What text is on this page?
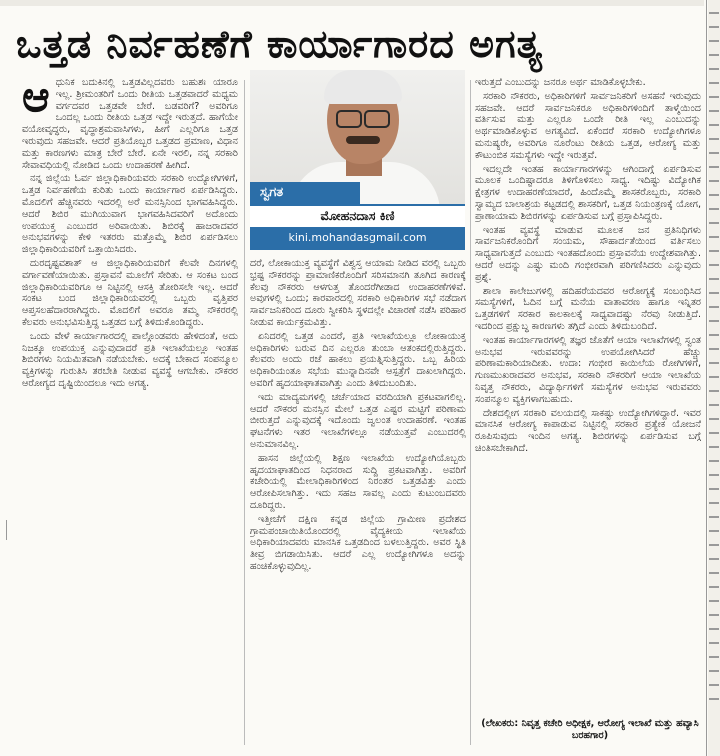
ಒತ್ತಡ ನಿರ್ವಹಣೆಗೆ ಕಾರ್ಯಾಗಾರದ ಅಗತ್ಯ
ಆ ಧುನಿಕ ಬದುಕಿನಲ್ಲಿ ಒತ್ತಡವಿಲ್ಲದವರು ಬಹುಶಃ ಯಾರೂ ಇಲ್ಲ. ಶ್ರೀಮಂತರಿಗೆ ಒಂದು ರೀತಿಯ ಒತ್ತಡವಾದರೆ ಮಧ್ಯಮ ವರ್ಗದವರ ಒತ್ತಡವೇ ಬೇರೆ. ಬಡವರಿಗೆ? ಅವರಿಗೂ ಒಂದಲ್ಲ ಒಂದು ರೀತಿಯ ಒತ್ತಡ ಇದ್ದೇ ಇರುತ್ತದೆ. ಹಾಗೆಯೇ ವಯೋವೃದ್ಧರು, ವೃದ್ಧಾಶ್ರಮವಾಸಿಗಳು, ಹೀಗೆ ಎಲ್ಲರಿಗೂ ಒತ್ತಡ ಇರುವುದು ಸಹಜವೇ. ಆದರೆ ಪ್ರತಿಯೊಬ್ಬರ ಒತ್ತಡದ ಪ್ರಮಾಣ, ವಿಧಾನ ಮತ್ತು ಕಾರಣಗಳು ಮಾತ್ರ ಬೇರೆ ಬೇರೆ. ಏನೇ ಇರಲಿ, ನನ್ನ ಸರಕಾರಿ ಸೇವಾವಧಿಯಲ್ಲಿ ನೋಡಿದ ಒಂದು ಉದಾಹರಣೆ ಹೀಗಿದೆ.

ನನ್ನ ಜಿಲ್ಲೆಯ ಓರ್ವ ಜಿಲ್ಲಾಧಿಕಾರಿಯವರು ಸರಕಾರಿ ಉದ್ಯೋಗಿಗಳಿಗೆ, ಒತ್ತಡ ನಿರ್ವಹಣೆಯ ಕುರಿತು ಒಂದು ಕಾರ್ಯಾಗಾರ ಏರ್ಪಡಿಸಿದ್ದರು. ಮೊದಲಿಗೆ ಹೆಚ್ಚಿನವರು ಇದರಲ್ಲಿ ಅರೆ ಮನಸ್ಸಿನಿಂದ ಭಾಗವಹಿಸಿದ್ದರು. ಆದರೆ ಶಿಬಿರ ಮುಗಿಯುವಾಗ ಭಾಗವಹಿಸಿದವರಿಗೆ ಅದೊಂದು ಉಪಯುಕ್ತ ಎಂಬುದರ ಅರಿವಾಯಿತು. ಶಿಬಿರಕ್ಕೆ ಹಾಜರಾದವರ ಅನುಭವಗಳನ್ನು ಕೇಳಿ ಇತರರು ಮತ್ತೊಮ್ಮೆ ಶಿಬಿರ ಏರ್ಪಡಿಸಲು ಜಿಲ್ಲಾಧಿಕಾರಿಯವರಿಗೆ ಒತ್ತಾಯಿಸಿದರು.

ದುರದೃಷ್ಟವಶಾತ್ ಆ ಜಿಲ್ಲಾಧಿಕಾರಿಯವರಿಗೆ ಕೆಲವೇ ದಿನಗಳಲ್ಲಿ ವರ್ಗಾವಣೆಯಾಯಿತು. ಪ್ರಸ್ತಾವನೆ ಮೂಲೆಗೆ ಸೇರಿತು. ಆ ಸಂಕಟ ಬಂದ ಜಿಲ್ಲಾಧಿಕಾರಿಯವರಿಗೂ ಆ ನಿಟ್ಟಿನಲ್ಲಿ ಆಸಕ್ತಿ ತೋರಿಸಲೇ ಇಲ್ಲ. ಆದರೆ ಸಂಕಟ ಬಂದ ಜಿಲ್ಲಾಧಿಕಾರಿಯವರಲ್ಲಿ ಒಬ್ಬರು ವೃತ್ತಿಪರ ಆಪ್ತಸಲಹೆದಾರರಾಗಿದ್ದರು. ಮೊದಲಿಗೆ ಅವರೂ ತಮ್ಮ ನೌಕರರಲ್ಲಿ ಕೆಲವರು ಅನುಭವಿಸುತ್ತಿದ್ದ ಒತ್ತಡದ ಬಗ್ಗೆ ತಿಳಿದುಕೊಂಡಿದ್ದರು.

ಒಂದು ವೇಳೆ ಕಾರ್ಯಾಗಾರದಲ್ಲಿ ಪಾಲ್ಗೊಂಡವರು ಹೇಳಿದಂತೆ, ಅದು ನಿಜಕ್ಕೂ ಉಪಯುಕ್ತ ಎನ್ನುವುದಾದರೆ ಪ್ರತಿ ಇಲಾಖೆಯಲ್ಲೂ ಇಂತಹ ಶಿಬಿರಗಳು ನಿಯಮಿತವಾಗಿ ನಡೆಯಬೇಕು. ಅದಕ್ಕೆ ಬೇಕಾದ ಸಂಪನ್ಮೂಲ ವ್ಯಕ್ತಿಗಳನ್ನು ಗುರುತಿಸಿ ತರಬೇತಿ ನೀಡುವ ವ್ಯವಸ್ಥೆ ಆಗಬೇಕು. ನೌಕರರ ಆರೋಗ್ಯದ ದೃಷ್ಟಿಯಿಂದಲೂ ಇದು ಅಗತ್ಯ.

ಸ್ವಗತ
ಮೋಹನದಾಸ ಕಿಣಿ
kini.mohandasgmail.com

ದರೆ, ಲೋಕಾಯುಕ್ತ ವ್ಯವಸ್ಥೆಗೆ ವಿಶ್ವಸ್ತ ಆಯಾಮ ನೀಡಿದ ವರಲ್ಲಿ ಒಬ್ಬರು ಭ್ರಷ್ಟ ನೌಕರರನ್ನು ಪ್ರಾಮಾಣಿಕರೊಂದಿಗೆ ಸರಿಸಮಾನಗಿ ತೂಗಿದ ಕಾರಣಕ್ಕೆ ಕೆಲವು ನೌಕರರು ಆಳಗುತ್ತ ತೊಂದರೆಗೀಡಾದ ಉದಾಹರಣೆಗಳಿವೆ. ಅವುಗಳಲ್ಲಿ ಒಂದು; ಕಾರವಾರದಲ್ಲಿ ಸರಕಾರಿ ಅಧಿಕಾರಿಗಳ ಸಭೆ ನಡೆದಾಗ ಸಾರ್ವಜನಿಕರಿಂದ ದೂರು ಸ್ವೀಕರಿಸಿ ಸ್ಥಳದಲ್ಲೇ ವಿಚಾರಣೆ ನಡೆಸಿ ಪರಿಹಾರ ನೀಡುವ ಕಾರ್ಯಕ್ರಮವಿತ್ತು.

ಏನಿದರಲ್ಲಿ ಒತ್ತಡ ಎಂದರೆ, ಪ್ರತಿ ಇಲಾಖೆಯಲ್ಲೂ ಲೋಕಾಯುಕ್ತ ಅಧಿಕಾರಿಗಳು ಬರುವ ದಿನ ಎಲ್ಲರೂ ತುಂಬಾ ಆತಂಕದಲ್ಲಿರುತ್ತಿದ್ದರು. ಕೆಲವರು ಅಂದು ರಜೆ ಹಾಕಲು ಪ್ರಯತ್ನಿಸುತ್ತಿದ್ದರು. ಒಬ್ಬ ಹಿರಿಯ ಅಧಿಕಾರಿಯಂತೂ ಸಭೆಯ ಮುನ್ನಾದಿನವೇ ಆಸ್ಪತ್ರೆಗೆ ದಾಖಲಾಗಿದ್ದರು. ಅವರಿಗೆ ಹೃದಯಾಘಾತವಾಗಿತ್ತು ಎಂದು ತಿಳಿದುಬಂದಿತು.

ಇದು ಮಾದ್ಯಮಗಳಲ್ಲಿ ಚರ್ಚೆಯಾದ ವರದಿಯಾಗಿ ಪ್ರಕಟವಾಗಲಿಲ್ಲ. ಆದರೆ ನೌಕರರ ಮನಸ್ಸಿನ ಮೇಲೆ ಒತ್ತಡ ಎಷ್ಟರ ಮಟ್ಟಿಗೆ ಪರಿಣಾಮ ಬೀರುತ್ತದೆ ಎನ್ನುವುದಕ್ಕೆ ಇದೊಂದು ಜ್ವಲಂತ ಉದಾಹರಣೆ. ಇಂತಹ ಘಟನೆಗಳು ಇತರ ಇಲಾಖೆಗಳಲ್ಲೂ ನಡೆಯುತ್ತವೆ ಎಂಬುದರಲ್ಲಿ ಅನುಮಾನವಿಲ್ಲ.

ಹಾಸನ ಜಿಲ್ಲೆಯಲ್ಲಿ ಶಿಕ್ಷಣ ಇಲಾಖೆಯ ಉದ್ಯೋಗಿಯೊಬ್ಬರು ಹೃದಯಾಘಾತದಿಂದ ನಿಧನರಾದ ಸುದ್ದಿ ಪ್ರಕಟವಾಗಿತ್ತು. ಅವರಿಗೆ ಕಚೇರಿಯಲ್ಲಿ ಮೇಲಾಧಿಕಾರಿಗಳಿಂದ ನಿರಂತರ ಒತ್ತಡವಿತ್ತು ಎಂದು ಆರೋಪಿಸಲಾಗಿತ್ತು. ಇದು ಸಹಜ ಸಾವಲ್ಲ ಎಂದು ಕುಟುಂಬದವರು ದೂರಿದ್ದರು.

ಇತ್ತೀಚೆಗೆ ದಕ್ಷಿಣ ಕನ್ನಡ ಜಿಲ್ಲೆಯ ಗ್ರಾಮೀಣ ಪ್ರದೇಶದ ಗ್ರಾಮಪಂಚಾಯಿತಿಯೊಂದರಲ್ಲಿ ವೈದ್ಯಕೀಯ ಇಲಾಖೆಯ ಅಧಿಕಾರಿಯಾದವರು ಮಾನಸಿಕ ಒತ್ತಡದಿಂದ ಬಳಲುತ್ತಿದ್ದರು. ಅವರ ಸ್ಥಿತಿ ತೀವ್ರ ಬಿಗಡಾಯಿಸಿತು. ಆದರೆ ಎಲ್ಲ ಉದ್ಯೋಗಿಗಳೂ ಅದನ್ನು ಹಂಚಿಕೊಳ್ಳುವುದಿಲ್ಲ.

ಇರುತ್ತದೆ ಎಂಬುದನ್ನು ಜನರೂ ಅರ್ಥ ಮಾಡಿಕೊಳ್ಳಬೇಕು.

ಸರಕಾರಿ ನೌಕರರು, ಅಧಿಕಾರಿಗಳಿಗೆ ಸಾರ್ವಜನಿಕರಿಗೆ ಅಸಹನೆ ಇರುವುದು ಸಹಜವೇ. ಆದರೆ ಸಾರ್ವಜನಿಕರೂ ಅಧಿಕಾರಿಗಳಿಂದಿಗೆ ತಾಳ್ಮೆಯಿಂದ ವರ್ತಿಸುವ ಮತ್ತು ಎಲ್ಲರೂ ಒಂದೇ ರೀತಿ ಇಲ್ಲ ಎಂಬುದನ್ನು ಅರ್ಥಮಾಡಿಕೊಳ್ಳುವ ಅಗತ್ಯವಿದೆ. ಏಕೆಂದರೆ ಸರಕಾರಿ ಉದ್ಯೋಗಿಗಳೂ ಮನುಷ್ಯರೇ, ಅವರಿಗೂ ನೂರೆಂಟು ರೀತಿಯ ಒತ್ತಡ, ಆರೋಗ್ಯ ಮತ್ತು ಕೌಟುಂಬಿಕ ಸಮಸ್ಯೆಗಳು ಇದ್ದೇ ಇರುತ್ತವೆ.

ಇದಲ್ಲದೇ ಇಂತಹ ಕಾರ್ಯಾಗಾರಗಳನ್ನು ಆಗಿಂದಾಗ್ಗೆ ಏರ್ಪಡಿಸುವ ಮೂಲಕ ಒಂದಿಷ್ಟಾದರೂ ತಿಳಿಗೊಳಿಸಲು ಸಾಧ್ಯ. ಇದಿಷ್ಟು ವಿದ್ಯೋಗಿಕ ಕ್ಷೇತ್ರಗಳ ಉದಾಹರಣೆಯಾದರೆ, ಹಿಂದೊಮ್ಮೆ ಶಾಸಕರೊಬ್ಬರು, ಸರಕಾರಿ ಸ್ವಾಮ್ಯದ ಬಾಲಾಶ್ರಯ ಕಟ್ಟಡದಲ್ಲಿ ಶಾಸಕರಿಗೆ, ಒತ್ತಡ ನಿಯಂತ್ರಣಕ್ಕೆ ಯೋಗ, ಪ್ರಾಣಾಯಾಮ ಶಿಬಿರಗಳನ್ನು ಏರ್ಪಡಿಸುವ ಬಗ್ಗೆ ಪ್ರಸ್ತಾಪಿಸಿದ್ದರು.

ಇಂತಹ ವ್ಯವಸ್ಥೆ ಮಾಡುವ ಮೂಲಕ ಜನ ಪ್ರತಿನಿಧಿಗಳು ಸಾರ್ವಜನಿಕರೊಂದಿಗೆ ಸಂಯಮ, ಸೌಹಾರ್ದತೆಯಿಂದ ವರ್ತಿಸಲು ಸಾಧ್ಯವಾಗುತ್ತದೆ ಎಂಬುದು ಇಂತಹದೊಂದು ಪ್ರಸ್ತಾವನೆಯ ಉದ್ದೇಶವಾಗಿತ್ತು. ಆದರೆ ಅದನ್ನು ಎಷ್ಟು ಮಂದಿ ಗಂಭೀರವಾಗಿ ಪರಿಗಣಿಸಿದರು ಎನ್ನುವುದು ಪ್ರಶ್ನೆ.

ಶಾಲಾ ಕಾಲೇಜುಗಳಲ್ಲಿ ಹದಿಹರೆಯದವರ ಆರೋಗ್ಯಕ್ಕೆ ಸಂಬಂಧಿಸಿದ ಸಮಸ್ಯೆಗಳಿಗೆ, ಓದಿನ ಬಗ್ಗೆ ಮನೆಯ ವಾತಾವರಣ ಹಾಗೂ ಇನ್ನಿತರ ಒತ್ತಡಗಳಿಗೆ ಸರಕಾರ ಕಾಲಕಾಲಕ್ಕೆ ಸಾಧ್ಯವಾದಷ್ಟು ನೆರವು ನೀಡುತ್ತಿದೆ. ಇದರಿಂದ ಪ್ರಕ್ಷುಬ್ಧ ಕಾರಣಗಳು ತಗ್ಗಿದೆ ಎಂದು ತಿಳಿದುಬಂದಿದೆ.

ಇಂತಹ ಕಾರ್ಯಾಗಾರಗಳಲ್ಲಿ ತಜ್ಞರ ಜೊತೆಗೆ ಆಯಾ ಇಲಾಖೆಗಳಲ್ಲಿ ಸ್ವಂತ ಅನುಭವ ಇರುವವರನ್ನು ಉಪಯೋಗಿಸಿದರೆ ಹೆಚ್ಚು ಪರಿಣಾಮಕಾರಿಯಾದೀತು. ಉದಾ: ಗಂಭೀರ ಕಾಯಿಲೆಯ ರೋಗಿಗಳಿಗೆ, ಗುಣಮುಖರಾದವರ ಅನುಭವ, ಸರಕಾರಿ ನೌಕರರಿಗೆ ಆಯಾ ಇಲಾಖೆಯ ನಿವೃತ್ತ ನೌಕರರು, ವಿದ್ಯಾರ್ಥಿಗಳಿಗೆ ಸಮಸ್ಯೆಗಳ ಅನುಭವ ಇರುವವರು ಸಂಪನ್ಮೂಲ ವ್ಯಕ್ತಿಗಳಾಗಬಹುದು.

ದೇಶದಲ್ಲೀಗ ಸರಕಾರಿ ವಲಯದಲ್ಲಿ ಸಾಕಷ್ಟು ಉದ್ಯೋಗಿಗಳಿದ್ದಾರೆ. ಇವರ ಮಾನಸಿಕ ಆರೋಗ್ಯ ಕಾಪಾಡುವ ನಿಟ್ಟಿನಲ್ಲಿ ಸರಕಾರ ಪ್ರತ್ಯೇಕ ಯೋಜನೆ ರೂಪಿಸುವುದು ಇಂದಿನ ಅಗತ್ಯ. ಶಿಬಿರಗಳನ್ನು ಏರ್ಪಡಿಸುವ ಬಗ್ಗೆ ಚಿಂತಿಸಬೇಕಾಗಿದೆ.

(ಲೇಖಕರು: ನಿವೃತ್ತ ಕಚೇರಿ ಅಧೀಕ್ಷಕ, ಆರೋಗ್ಯ ಇಲಾಖೆ ಮತ್ತು ಹವ್ಯಾಸಿ ಬರಹಗಾರ)
